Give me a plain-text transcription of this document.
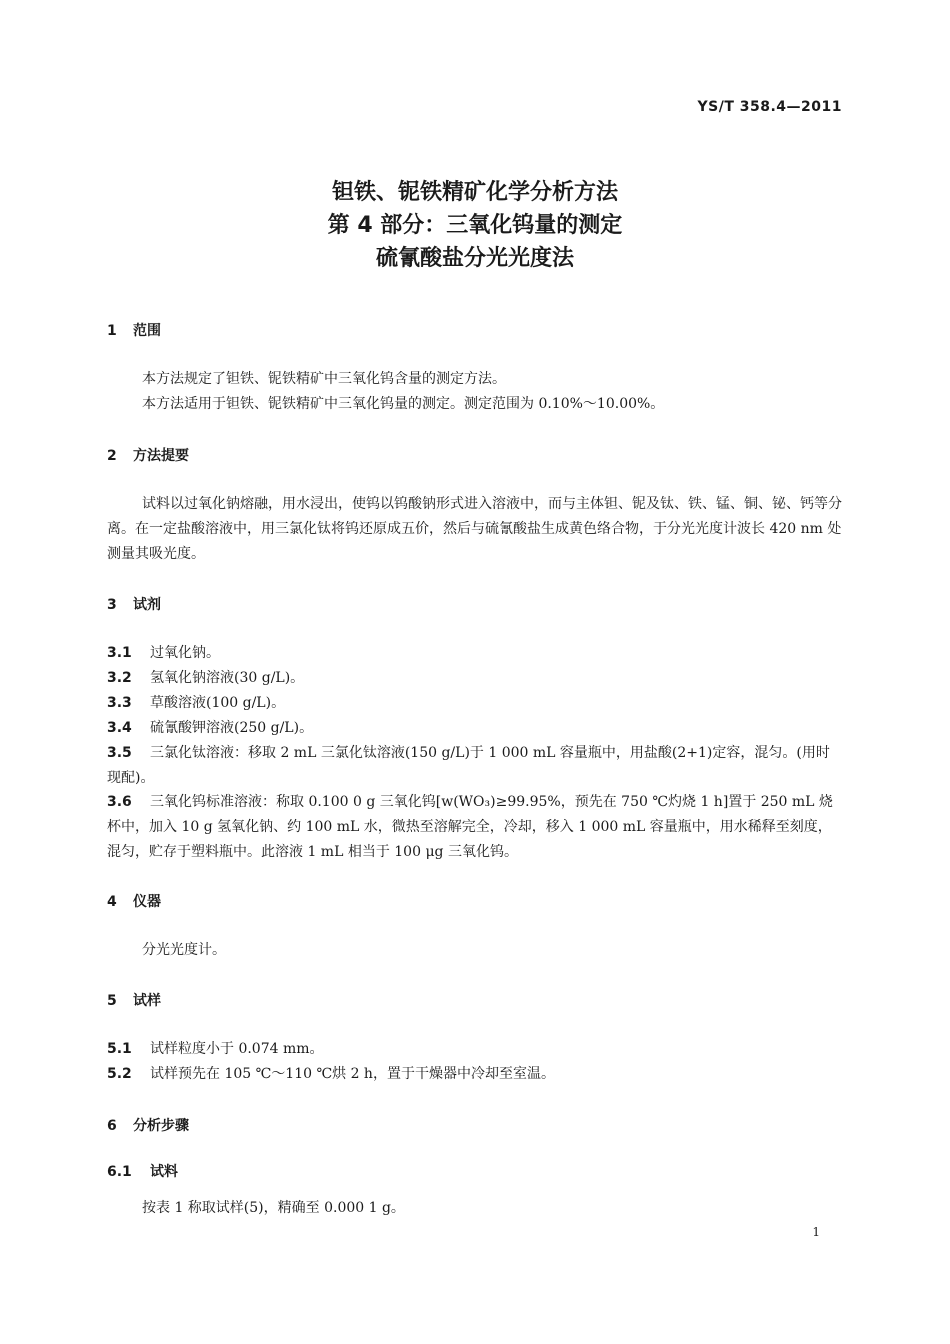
YS/T 358.4—2011
钽铁、铌铁精矿化学分析方法
第 4 部分：三氧化钨量的测定
硫氰酸盐分光光度法
1 范围
本方法规定了钽铁、铌铁精矿中三氧化钨含量的测定方法。
本方法适用于钽铁、铌铁精矿中三氧化钨量的测定。测定范围为 0.10%～10.00%。
2 方法提要
试料以过氧化钠熔融，用水浸出，使钨以钨酸钠形式进入溶液中，而与主体钽、铌及钛、铁、锰、铜、铋、钙等分离。在一定盐酸溶液中，用三氯化钛将钨还原成五价，然后与硫氰酸盐生成黄色络合物，于分光光度计波长 420 nm 处测量其吸光度。
3 试剂
3.1 过氧化钠。
3.2 氢氧化钠溶液(30 g/L)。
3.3 草酸溶液(100 g/L)。
3.4 硫氰酸钾溶液(250 g/L)。
3.5 三氯化钛溶液：移取 2 mL 三氯化钛溶液(150 g/L)于 1 000 mL 容量瓶中，用盐酸(2+1)定容，混匀。(用时现配)。
3.6 三氧化钨标准溶液：称取 0.100 0 g 三氧化钨[w(WO₃)≥99.95%，预先在 750 ℃灼烧 1 h]置于 250 mL 烧杯中，加入 10 g 氢氧化钠、约 100 mL 水，微热至溶解完全，冷却，移入 1 000 mL 容量瓶中，用水稀释至刻度，混匀，贮存于塑料瓶中。此溶液 1 mL 相当于 100 μg 三氧化钨。
4 仪器
分光光度计。
5 试样
5.1 试样粒度小于 0.074 mm。
5.2 试样预先在 105 ℃～110 ℃烘 2 h，置于干燥器中冷却至室温。
6 分析步骤
6.1 试料
按表 1 称取试样(5)，精确至 0.000 1 g。
1
